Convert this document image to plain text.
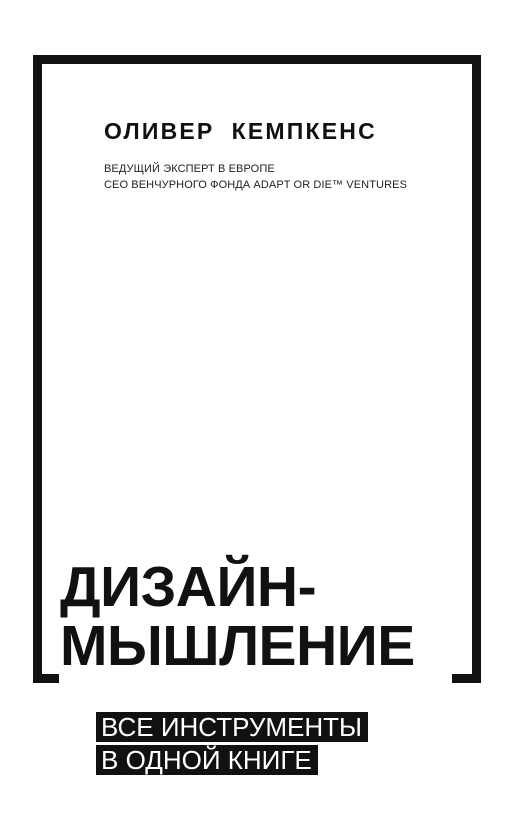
ОЛИВЕР  КЕМПКЕНС
ВЕДУЩИЙ ЭКСПЕРТ В ЕВРОПЕ
CEO ВЕНЧУРНОГО ФОНДА ADAPT OR DIE™ VENTURES
ДИЗАЙН-
МЫШЛЕНИЕ
ВСЕ ИНСТРУМЕНТЫ
В ОДНОЙ КНИГЕ
